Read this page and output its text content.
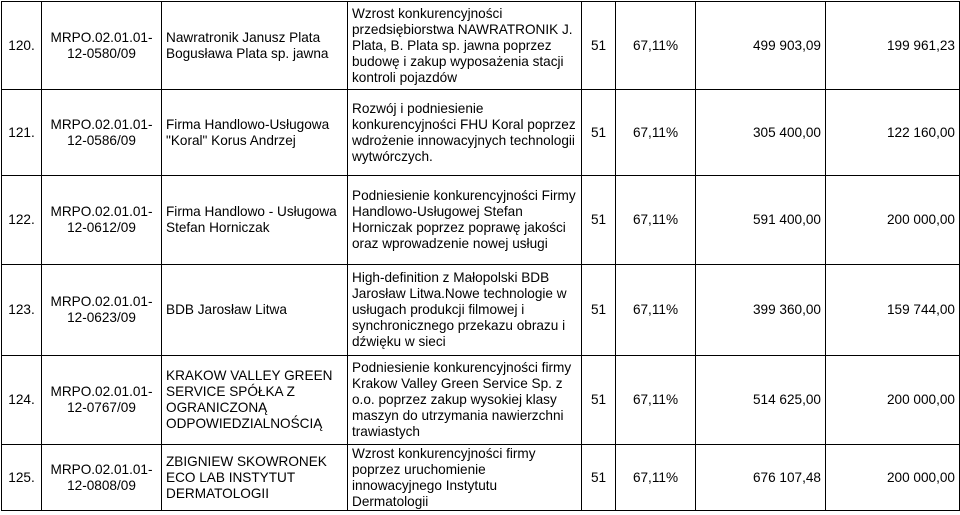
120.	MRPO.02.01.01-12-0580/09	Nawratronik Janusz Plata Bogusława Plata sp. jawna	Wzrost konkurencyjności przedsiębiorstwa NAWRATRONIK J. Plata, B. Plata sp. jawna poprzez budowę i zakup wyposażenia stacji kontroli pojazdów	51	67,11%	499 903,09	199 961,23
121.	MRPO.02.01.01-12-0586/09	Firma Handlowo-Usługowa "Koral" Korus Andrzej	Rozwój i podniesienie konkurencyjności FHU Koral poprzez wdrożenie innowacyjnych technologii wytwórczych.	51	67,11%	305 400,00	122 160,00
122.	MRPO.02.01.01-12-0612/09	Firma Handlowo - Usługowa Stefan Horniczak	Podniesienie konkurencyjności Firmy Handlowo-Usługowej Stefan Horniczak poprzez poprawę jakości oraz wprowadzenie nowej usługi	51	67,11%	591 400,00	200 000,00
123.	MRPO.02.01.01-12-0623/09	BDB Jarosław Litwa	High-definition z Małopolski BDB Jarosław Litwa.Nowe technologie w usługach produkcji filmowej i synchronicznego przekazu obrazu i dźwięku w sieci	51	67,11%	399 360,00	159 744,00
124.	MRPO.02.01.01-12-0767/09	KRAKOW VALLEY GREEN SERVICE SPÓŁKA Z OGRANICZONĄ ODPOWIEDZIALNOŚCIĄ	Podniesienie konkurencyjności firmy Krakow Valley Green Service Sp. z o.o. poprzez zakup wysokiej klasy maszyn do utrzymania nawierzchni trawiastych	51	67,11%	514 625,00	200 000,00
125.	MRPO.02.01.01-12-0808/09	ZBIGNIEW SKOWRONEK ECO LAB INSTYTUT DERMATOLOGII	Wzrost konkurencyjności firmy poprzez uruchomienie innowacyjnego Instytutu Dermatologii	51	67,11%	676 107,48	200 000,00
